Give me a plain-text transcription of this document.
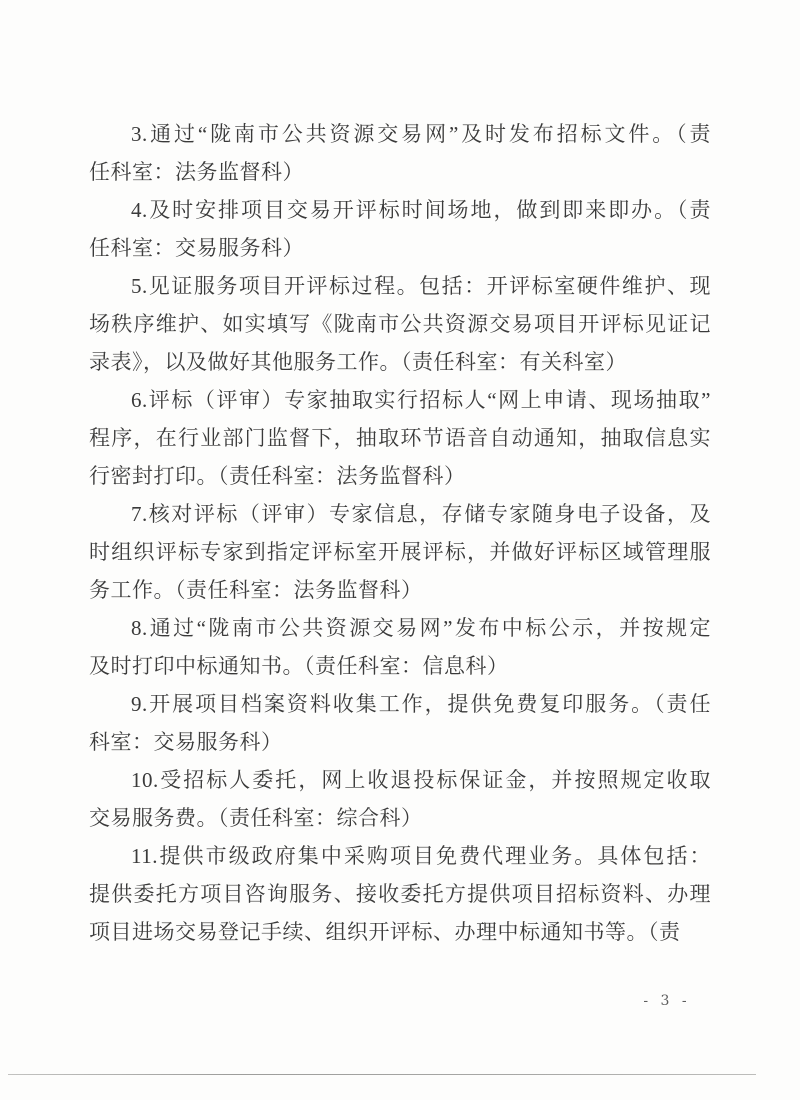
3.通过“陇南市公共资源交易网”及时发布招标文件。（责
任科室：法务监督科）
4.及时安排项目交易开评标时间场地，做到即来即办。（责
任科室：交易服务科）
5.见证服务项目开评标过程。包括：开评标室硬件维护、现
场秩序维护、如实填写《陇南市公共资源交易项目开评标见证记
录表》，以及做好其他服务工作。（责任科室：有关科室）
6.评标（评审）专家抽取实行招标人“网上申请、现场抽取”
程序，在行业部门监督下，抽取环节语音自动通知，抽取信息实
行密封打印。（责任科室：法务监督科）
7.核对评标（评审）专家信息，存储专家随身电子设备，及
时组织评标专家到指定评标室开展评标，并做好评标区域管理服
务工作。（责任科室：法务监督科）
8.通过“陇南市公共资源交易网”发布中标公示，并按规定
及时打印中标通知书。（责任科室：信息科）
9.开展项目档案资料收集工作，提供免费复印服务。（责任
科室：交易服务科）
10.受招标人委托，网上收退投标保证金，并按照规定收取
交易服务费。（责任科室：综合科）
11.提供市级政府集中采购项目免费代理业务。具体包括：
提供委托方项目咨询服务、接收委托方提供项目招标资料、办理
项目进场交易登记手续、组织开评标、办理中标通知书等。（责
- 3 -
